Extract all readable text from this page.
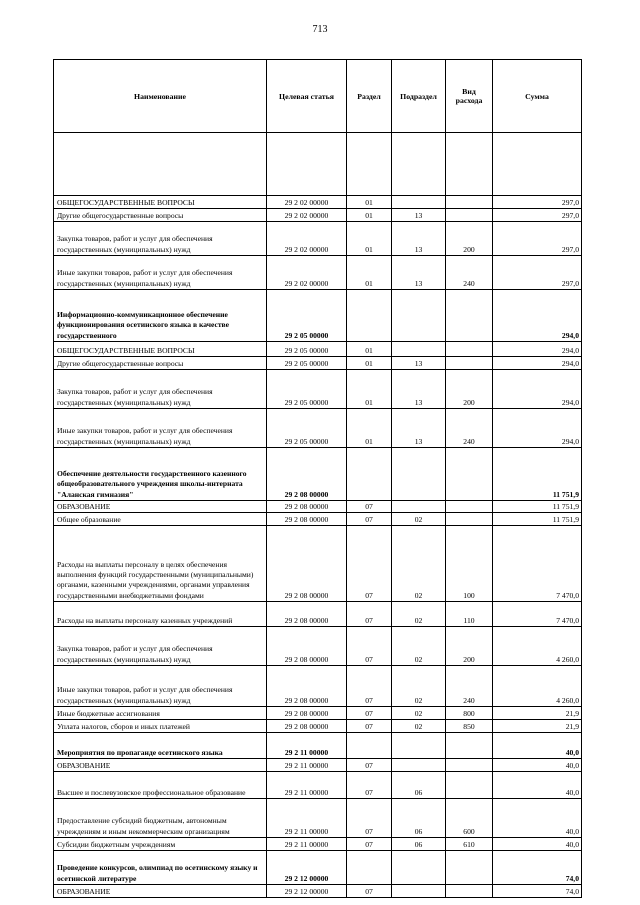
713
Наименование	Целевая статья	Раздел	Подраздел	Вид расхода	Сумма

ОБЩЕГОСУДАРСТВЕННЫЕ ВОПРОСЫ	29 2 02 00000	01			297,0
Другие общегосударственные вопросы	29 2 02 00000	01	13		297,0
Закупка товаров, работ и услуг для обеспечения государственных (муниципальных) нужд	29 2 02 00000	01	13	200	297,0
Иные закупки товаров, работ и услуг для обеспечения государственных (муниципальных) нужд	29 2 02 00000	01	13	240	297,0
Информационно-коммуникационное обеспечение функционирования осетинского языка в качестве государственного	29 2 05 00000				294,0
ОБЩЕГОСУДАРСТВЕННЫЕ ВОПРОСЫ	29 2 05 00000	01			294,0
Другие общегосударственные вопросы	29 2 05 00000	01	13		294,0
Закупка товаров, работ и услуг для обеспечения государственных (муниципальных) нужд	29 2 05 00000	01	13	200	294,0
Иные закупки товаров, работ и услуг для обеспечения государственных (муниципальных) нужд	29 2 05 00000	01	13	240	294,0
Обеспечение деятельности государственного казенного общеобразовательного учреждения школы-интерната "Аланская гимназия"	29 2 08 00000				11 751,9
ОБРАЗОВАНИЕ	29 2 08 00000	07			11 751,9
Общее образование	29 2 08 00000	07	02		11 751,9
Расходы на выплаты персоналу в целях обеспечения выполнения функций государственными (муниципальными) органами, казенными учреждениями, органами управления государственными внебюджетными фондами	29 2 08 00000	07	02	100	7 470,0
Расходы на выплаты персоналу казенных учреждений	29 2 08 00000	07	02	110	7 470,0
Закупка товаров, работ и услуг для обеспечения государственных (муниципальных) нужд	29 2 08 00000	07	02	200	4 260,0
Иные закупки товаров, работ и услуг для обеспечения государственных (муниципальных) нужд	29 2 08 00000	07	02	240	4 260,0
Иные бюджетные ассигнования	29 2 08 00000	07	02	800	21,9
Уплата налогов, сборов и иных платежей	29 2 08 00000	07	02	850	21,9
Мероприятия по пропаганде осетинского языка	29 2 11 00000				40,0
ОБРАЗОВАНИЕ	29 2 11 00000	07			40,0
Высшее и послевузовское профессиональное образование	29 2 11 00000	07	06		40,0
Предоставление субсидий бюджетным, автономным учреждениям и иным некоммерческим организациям	29 2 11 00000	07	06	600	40,0
Субсидии бюджетным учреждениям	29 2 11 00000	07	06	610	40,0
Проведение конкурсов, олимпиад по осетинскому языку и осетинской литературе	29 2 12 00000				74,0
ОБРАЗОВАНИЕ	29 2 12 00000	07			74,0
